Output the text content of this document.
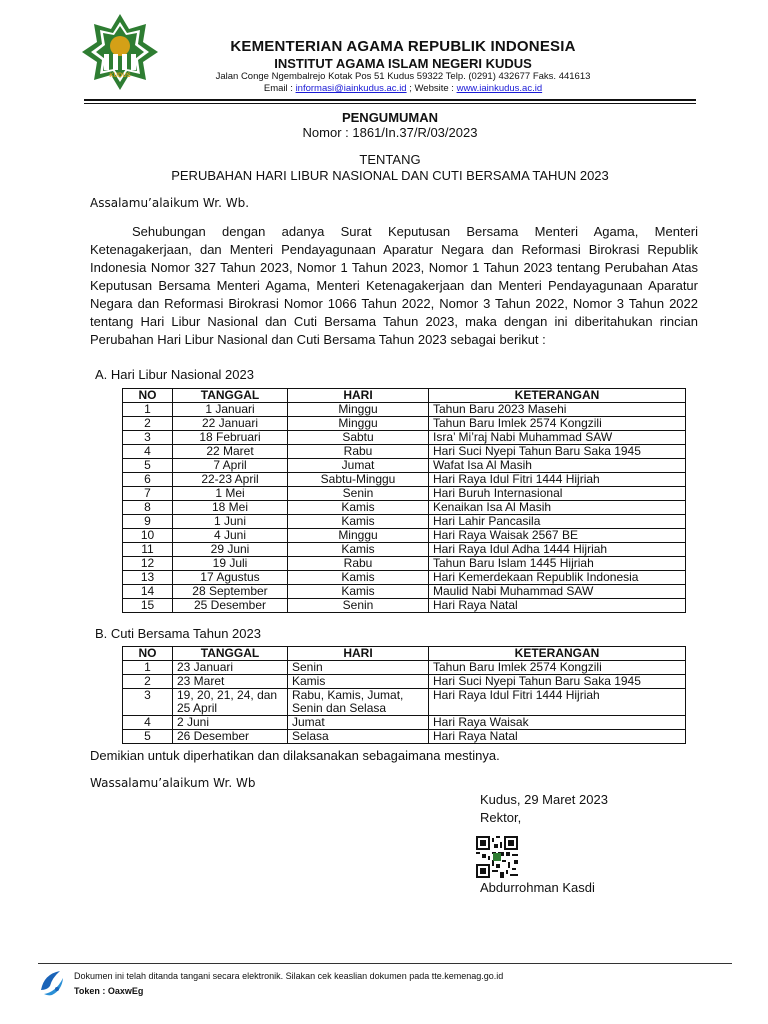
KUDUS
KEMENTERIAN AGAMA REPUBLIK INDONESIA
INSTITUT AGAMA ISLAM NEGERI KUDUS
Jalan Conge Ngembalrejo Kotak Pos 51 Kudus 59322 Telp. (0291) 432677 Faks. 441613
Email : informasi@iainkudus.ac.id ; Website : www.iainkudus.ac.id
PENGUMUMAN
Nomor : 1861/In.37/R/03/2023
TENTANG
PERUBAHAN HARI LIBUR NASIONAL DAN CUTI BERSAMA TAHUN 2023
Assalamu’alaikum Wr. Wb.
Sehubungan dengan adanya Surat Keputusan Bersama Menteri Agama, Menteri Ketenagakerjaan, dan Menteri Pendayagunaan Aparatur Negara dan Reformasi Birokrasi Republik Indonesia Nomor 327 Tahun 2023, Nomor 1 Tahun 2023, Nomor 1 Tahun 2023 tentang Perubahan Atas Keputusan Bersama Menteri Agama, Menteri Ketenagakerjaan dan Menteri Pendayagunaan Aparatur Negara dan Reformasi Birokrasi Nomor 1066 Tahun 2022, Nomor 3 Tahun 2022, Nomor 3 Tahun 2022 tentang Hari Libur Nasional dan Cuti Bersama Tahun 2023, maka dengan ini diberitahukan rincian Perubahan Hari Libur Nasional dan Cuti Bersama Tahun 2023 sebagai berikut :
A. Hari Libur Nasional 2023
NO	TANGGAL	HARI	KETERANGAN
1	1 Januari	Minggu	Tahun Baru 2023 Masehi
2	22 Januari	Minggu	Tahun Baru Imlek 2574 Kongzili
3	18 Februari	Sabtu	Isra’ Mi’raj Nabi Muhammad SAW
4	22 Maret	Rabu	Hari Suci Nyepi Tahun Baru Saka 1945
5	7 April	Jumat	Wafat Isa Al Masih
6	22-23 April	Sabtu-Minggu	Hari Raya Idul Fitri 1444 Hijriah
7	1 Mei	Senin	Hari Buruh Internasional
8	18 Mei	Kamis	Kenaikan Isa Al Masih
9	1 Juni	Kamis	Hari Lahir Pancasila
10	4 Juni	Minggu	Hari Raya Waisak 2567 BE
11	29 Juni	Kamis	Hari Raya Idul Adha 1444 Hijriah
12	19 Juli	Rabu	Tahun Baru Islam 1445 Hijriah
13	17 Agustus	Kamis	Hari Kemerdekaan Republik Indonesia
14	28 September	Kamis	Maulid Nabi Muhammad SAW
15	25 Desember	Senin	Hari Raya Natal
B. Cuti Bersama Tahun 2023
NO	TANGGAL	HARI	KETERANGAN
1	23 Januari	Senin	Tahun Baru Imlek 2574 Kongzili
2	23 Maret	Kamis	Hari Suci Nyepi Tahun Baru Saka 1945
3	19, 20, 21, 24, dan 25 April	Rabu, Kamis, Jumat, Senin dan Selasa	Hari Raya Idul Fitri 1444 Hijriah
4	2 Juni	Jumat	Hari Raya Waisak
5	26 Desember	Selasa	Hari Raya Natal
Demikian untuk diperhatikan dan dilaksanakan sebagaimana mestinya.
Wassalamu’alaikum Wr. Wb
Kudus, 29 Maret 2023
Rektor,
Abdurrohman Kasdi
Dokumen ini telah ditanda tangani secara elektronik. Silakan cek keaslian dokumen pada tte.kemenag.go.id
Token : OaxwEg
